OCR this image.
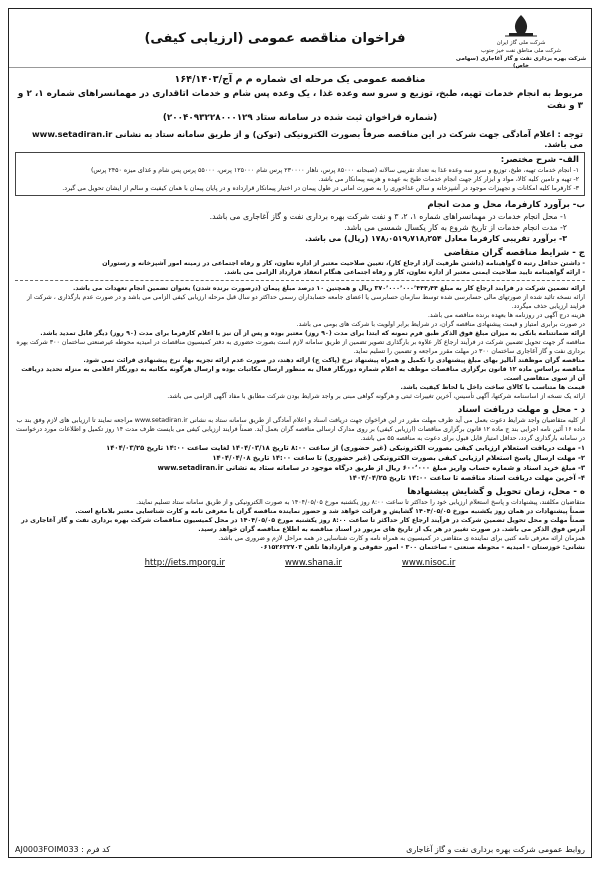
شرکت ملی گاز ایران
شرکت ملی مناطق نفت خیز جنوب
شرکت بهره برداری نفت و گاز آغاجاری (سهامی خاص)
فراخوان مناقصه عمومی (ارزیابی کیفی)
مناقصه عمومی یک مرحله ای شماره م م آج/۱۶۴/۱۴۰۳
مربوط به انجام خدمات تهیه، طبخ، توزیع و سرو سه وعده غذا ، یک وعده پس شام و خدمات اتاقداری در مهمانسراهای شماره ۱، ۲ و ۳ و نفت
(شماره فراخوان ثبت شده در سامانه ستاد ۲۰۰۴۰۹۳۲۲۸۰۰۰۱۲۹)
توجه : اعلام آمادگی جهت شرکت در این مناقصه صرفاً بصورت الکترونیکی (توکن) و از طریق سامانه ستاد به نشانی www.setadiran.ir می باشد.
الف- شرح مختصر:
۱- انجام خدمات تهیه، طبخ، توزیع و سرو سه وعده غذا به تعداد تقریبی سالانه (صبحانه ۸۵۰۰۰ پرس، ناهار ۲۳۰۰۰۰ پرس شام ۱۲۵۰۰۰ پرس، ۵۵۰۰۰ پرس پس شام و غذای میزه ۲۴۵۰ پرس)
۲- تهیه و تامین کلیه کالا، مواد و ابزار کار جهت انجام خدمات طبخ به عهده و هزینه پیمانکار می باشد.
۳- کارفرما کلیه امکانات و تجهیزات موجود در آشپزخانه و سالن غذاخوری را به صورت امانی در طول پیمان در اختیار پیمانکار قرارداده و در پایان پیمان با همان کیفیت و سالم از ایشان تحویل می گیرد.
ب- برآورد کارفرما، محل و مدت انجام
۱- محل انجام خدمات در مهمانسراهای شماره ۱، ۲، ۳ و نفت شرکت بهره برداری نفت و گاز آغاجاری می باشد.
۲- مدت انجام خدمات از تاریخ شروع به کار یکسال شمسی می باشد.
۳- برآورد تقریبی کارفرما معادل ۱۷۸٫۰۵۱۹٫۷۱۸٫۲۵۴ (ریال) می باشد.
ج - شرایط مناقصه گران متقاضی
- داشتن حداقل رتبه ۵ گواهینامه (داشتن ظرفیت آزاد ارجاع کار)، تعیین صلاحیت معتبر از اداره تعاون، کار و رفاه اجتماعی در زمینه امور آشپزخانه و رستوران
- ارائه گواهینامه تایید صلاحیت ایمنی معتبر از اداره تعاون، کار و رفاه اجتماعی هنگام انعقاد قرارداد الزامی می باشد.
ارائه تضمین شرکت در فرایند ارجاع کار به مبلغ ۳۷۰٬۰۰۰٬۰۰۰٬۴۴۴٫۴۴ ریال و همچنین ۱۰ درصد مبلغ پیمان (درصورت برنده شدن) بعنوان تضمین انجام تعهدات می باشد.
ارائه نسخه تائید شده از صورتهای مالی حسابرسی شده توسط سازمان حسابرسی یا اعضای جامعه حسابداران رسمی حداکثر دو سال قبل مرحله ارزیابی کیفی الزامی می باشد و در صورت عدم بارگذاری ، شرکت از فرایند ارزیابی حذف میگردد.
هزینه درج آگهی در روزنامه ها بعهده برنده مناقصه می باشد.
در صورت برابری امتیاز و قیمت پیشنهادی مناقصه گران، در شرایط برابر اولویت با شرکت های بومی می باشد.
ارائه ضمانتنامه بانکی به میزان مبلغ فوق الذکر طبق فرم نمونه که ابتدا برای مدت (۹۰ روز) معتبر بوده و پس از آن نیز با اعلام کارفرما برای مدت (۹۰ روز) دیگر قابل تمدید باشد.
مناقصه گر جهت تحویل تضمین شرکت در فرآیند ارجاع کار علاوه بر بارگذاری تصویر تضمین از طریق سامانه لازم است بصورت حضوری به دفتر کمیسیون مناقصات در امیدیه محوطه غیرصنعتی ساختمان ۳۰۰ شرکت بهره برداری نفت و گاز آغاجاری ساختمان ۳۰۰ در مهلت مقرر مراجعه و تضمین را تسلیم نماید.
مناقصه گران موظفند آنالیز بهای مبلغ پیشنهادی را تکمیل و همراه پیشنهاد نرخ (پاکت ج) ارائه دهند، در صورت عدم ارائه تجزیه بها، نرخ پیشنهادی قرائت نمی شود.
مناقصه براساس ماده ۱۲ قانون برگزاری مناقصات موظف به اعلام شماره دورنگار فعال به منظور ارسال مکاتبات بوده و ارسال هرگونه مکاتبه به دورنگار اعلامی به منزله تحدید دریافت آن از سوی متقاضی است.
قیمت ها متناسب با کالای ساخت داخل با لحاظ کیفیت باشد.
ارائه یک نسخه از اساسنامه شرکتها، آگهی تأسیس، آخرین تغییرات ثبتی و هرگونه گواهی مبنی بر واجد شرایط بودن شرکت مطابق با مفاد آگهی الزامی می باشد.
د - محل و مهلت دریافت اسناد
از کلیه متقاضیان واجد شرایط دعوت بعمل می آید ظرف مهلت مقرر در این فراخوان جهت دریافت اسناد و اعلام آمادگی از طریق سامانه ستاد به نشانی www.setadiran.ir مراجعه نمایند تا ارزیابی های لازم وفق بند ب ماده ۱۶ آئین نامه اجرایی بند ج ماده ۱۲ قانون برگزاری مناقصات (ارزیابی کیفی) بر روی مدارک ارسالی مناقصه گران بعمل آید. ضمناً فرایند ارزیابی کیفی می بایست ظرف مدت ۱۴ روز تکمیل و اطلاعات مورد درخواست در سامانه بارگذاری گردد، حداقل امتیاز قابل قبول برای دعوت به مناقصه ۵۵ می باشد.
۱- مهلت دریافت استعلام ارزیابی کیفی بصورت الکترونیکی (غیر حضوری) از ساعت ۸:۰۰ تاریخ ۱۴۰۴/۰۳/۱۸ لغایت ساعت ۱۴:۰۰ تاریخ ۱۴۰۴/۰۳/۲۵
۲- مهلت ارسال پاسخ استعلام ارزیابی کیفی بصورت الکترونیکی (غیر حضوری) تا ساعت ۱۴:۰۰ تاریخ ۱۴۰۴/۰۴/۰۸
۳- مبلغ خرید اسناد و شماره حساب واریز مبلغ ۶۰۰٬۰۰۰ ریال از طریق درگاه موجود در سامانه ستاد به نشانی www.setadiran.ir
۴- آخرین مهلت دریافت اسناد مناقصه تا ساعت ۱۴:۰۰ تاریخ ۱۴۰۴/۰۴/۲۵
ه - محل، زمان تحویل و گشایش پیشنهادها
متقاضیان مکلفند، پیشنهادات و پاسخ استعلام ارزیابی خود را حداکثر تا ساعت ۸:۰۰ روز یکشنبه مورخ ۱۴۰۴/۰۵/۰۵ به صورت الکترونیکی و از طریق سامانه ستاد تسلیم نمایند.
ضمناً پیشنهادات در همان روز یکشنبه مورخ ۱۴۰۴/۰۵/۰۵ گشایش و قرائت خواهد شد و حضور نماینده مناقصه گران با معرفی نامه و کارت شناسایی معتبر بلامانع است.
ضمناً مهلت و محل تحویل تضمین شرکت در فرآیند ارجاع کار حداکثر تا ساعت ۸:۰۰ روز یکشنبه مورخ ۱۴۰۴/۰۵/۰۵ در محل کمیسیون مناقصات شرکت بهره برداری نفت و گاز آغاجاری در آدرس فوق الذکر می باشد. در صورت تغییر در هر یک از تاریخ های مزبور در اسناد مناقصه به اطلاع مناقصه گران خواهد رسید.
همزمان ارائه معرفی نامه کتبی برای نماینده ی متقاضی در کمیسیون به همراه نامه و کارت شناسایی در همه مراحل لازم و ضروری می باشد.
نشانی: خوزستان - امیدیه - محوطه صنعتی - ساختمان ۳۰۰ - امور حقوقی و قراردادها تلفن ۰۶۱۵۲۶۲۲۷۰۳
http://iets.mporg.ir	www.shana.ir	www.nisoc.ir
روابط عمومی شرکت بهره برداری نفت و گاز آغاجاری
کد فرم : AJ0003FOIM033
